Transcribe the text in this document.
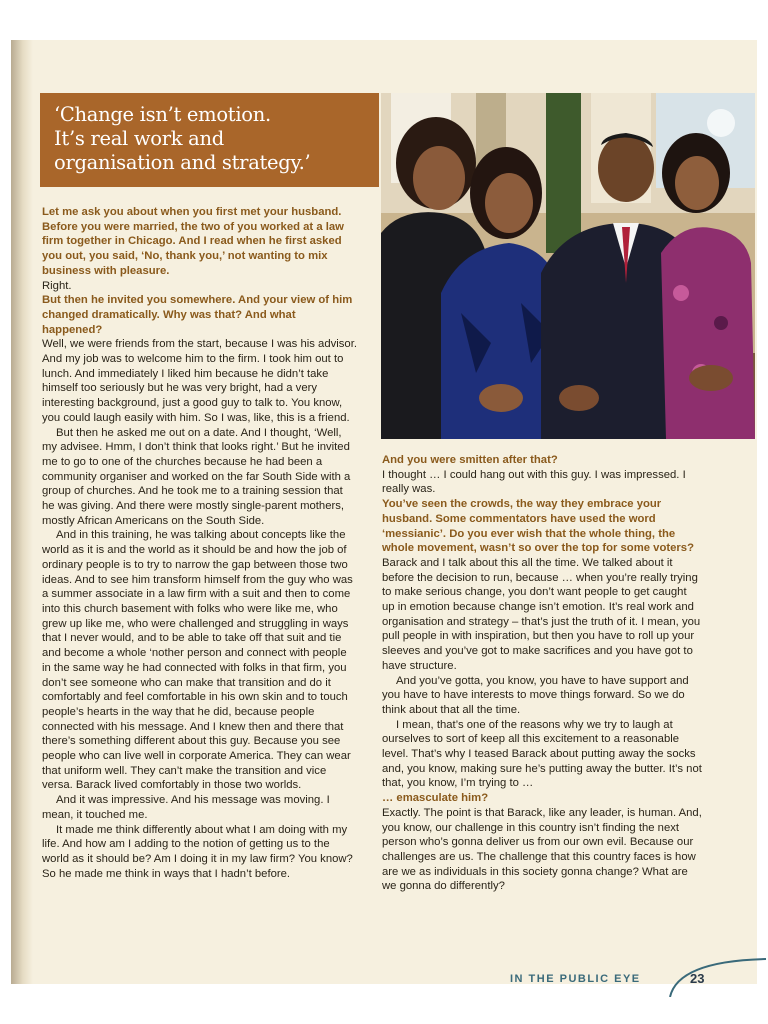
‘Change isn’t emotion.

It’s real work and

organisation and strategy.’

Let me ask you about when you first met your husband. Before you were married, the two of you worked at a law firm together in Chicago. And I read when he first asked you out, you said, ‘No, thank you,’ not wanting to mix business with pleasure.

Right.

But then he invited you somewhere. And your view of him changed dramatically. Why was that? And what happened?

Well, we were friends from the start, because I was his advisor. And my job was to welcome him to the firm. I took him out to lunch. And immediately I liked him because he didn’t take himself too seriously but he was very bright, had a very interesting background, just a good guy to talk to. You know, you could laugh easily with him. So I was, like, this is a friend.

But then he asked me out on a date. And I thought, ‘Well, my advisee. Hmm, I don’t think that looks right.’ But he invited me to go to one of the churches because he had been a community organiser and worked on the far South Side with a group of churches. And he took me to a training session that he was giving. And there were mostly single-parent mothers, mostly African Americans on the South Side.

And in this training, he was talking about concepts like the world as it is and the world as it should be and how the job of ordinary people is to try to narrow the gap between those two ideas. And to see him transform himself from the guy who was a summer associate in a law firm with a suit and then to come into this church basement with folks who were like me, who grew up like me, who were challenged and struggling in ways that I never would, and to be able to take off that suit and tie and become a whole ‘nother person and connect with people in the same way he had connected with folks in that firm, you don’t see someone who can make that transition and do it comfortably and feel comfortable in his own skin and to touch people’s hearts in the way that he did, because people connected with his message. And I knew then and there that there’s something different about this guy. Because you see people who can live well in corporate America. They can wear that uniform well. They can’t make the transition and vice versa. Barack lived comfortably in those two worlds.

And it was impressive. And his message was moving. I mean, it touched me.

It made me think differently about what I am doing with my life. And how am I adding to the notion of getting us to the world as it should be? Am I doing it in my law firm? You know? So he made me think in ways that I hadn’t before.

And you were smitten after that?

I thought … I could hang out with this guy. I was impressed. I really was.

You’ve seen the crowds, the way they embrace your husband. Some commentators have used the word ‘messianic’. Do you ever wish that the whole thing, the whole movement, wasn’t so over the top for some voters?

Barack and I talk about this all the time. We talked about it before the decision to run, because … when you’re really trying to make serious change, you don’t want people to get caught up in emotion because change isn’t emotion. It’s real work and organisation and strategy – that’s just the truth of it. I mean, you pull people in with inspiration, but then you have to roll up your sleeves and you’ve got to make sacrifices and you have got to have structure.

And you’ve gotta, you know, you have to have support and you have to have interests to move things forward. So we do think about that all the time.

I mean, that’s one of the reasons why we try to laugh at ourselves to sort of keep all this excitement to a reasonable level. That’s why I teased Barack about putting away the socks and, you know, making sure he’s putting away the butter. It’s not that, you know, I’m trying to …

… emasculate him?

Exactly. The point is that Barack, like any leader, is human. And, you know, our challenge in this country isn’t finding the next person who’s gonna deliver us from our own evil. Because our challenges are us. The challenge that this country faces is how are we as individuals in this society gonna change? What are we gonna do differently?

IN THE PUBLIC EYE	23
